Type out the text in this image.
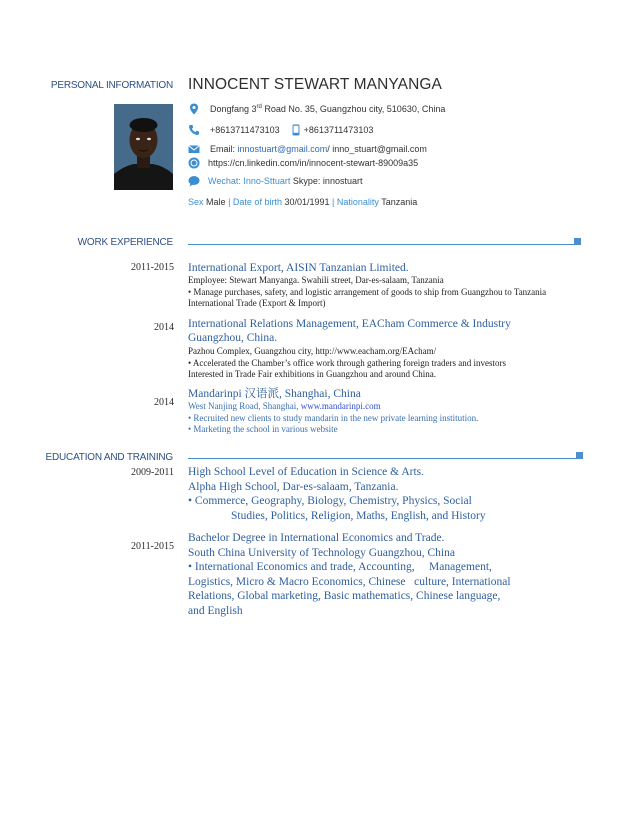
PERSONAL INFORMATION INNOCENT STEWART MANYANGA
Dongfang 3rd Road No. 35, Guangzhou city, 510630, China
+8613711473103	+8613711473103
Email:
innostuart@gmail.com / inno_stuart@gmail.com
https://cn.linkedin.com/in/innocent-stewart-89009a35
Wechat:
Inno-Sttuart
Skype: innostuart
Sex Male | Date of birth 30/01/1991 | Nationality Tanzania
WORK EXPERIENCE
2011-2015 International Export, AISIN Tanzanian Limited.
Employee: Stewart Manyanga. Swahili street, Dar-es-salaam, Tanzania
• Manage purchases, safety, and logistic arrangement of goods to ship from Guangzhou to Tanzania
International Trade (Export & Import)
2014 International Relations Management, EACham Commerce & Industry
Guangzhou, China.
Pazhou Complex, Guangzhou city, http://www.eacham.org/EAcham/
• Accelerated the Chamber’s office work through gathering foreign traders and investors
Interested in Trade Fair exhibitions in Guangzhou and around China.
2014
Mandarinpi 汉语派, Shanghai, China
West Nanjing Road, Shanghai, www.mandarinpi.com
• Recruited new clients to study mandarin in the new private learning institution.
• Marketing the school in various website
EDUCATION AND TRAINING
2009-2011 High School Level of Education in Science & Arts.
Alpha High School, Dar-es-salaam, Tanzania.
• Commerce, Geography, Biology, Chemistry, Physics, Social
Studies, Politics, Religion, Maths, English, and History
2011-2015
Bachelor Degree in International Economics and Trade.
South China University of Technology Guangzhou, China
• International Economics and trade, Accounting,     Management,
Logistics, Micro & Macro Economics, Chinese   culture, International
Relations, Global marketing, Basic mathematics, Chinese language,
and English
